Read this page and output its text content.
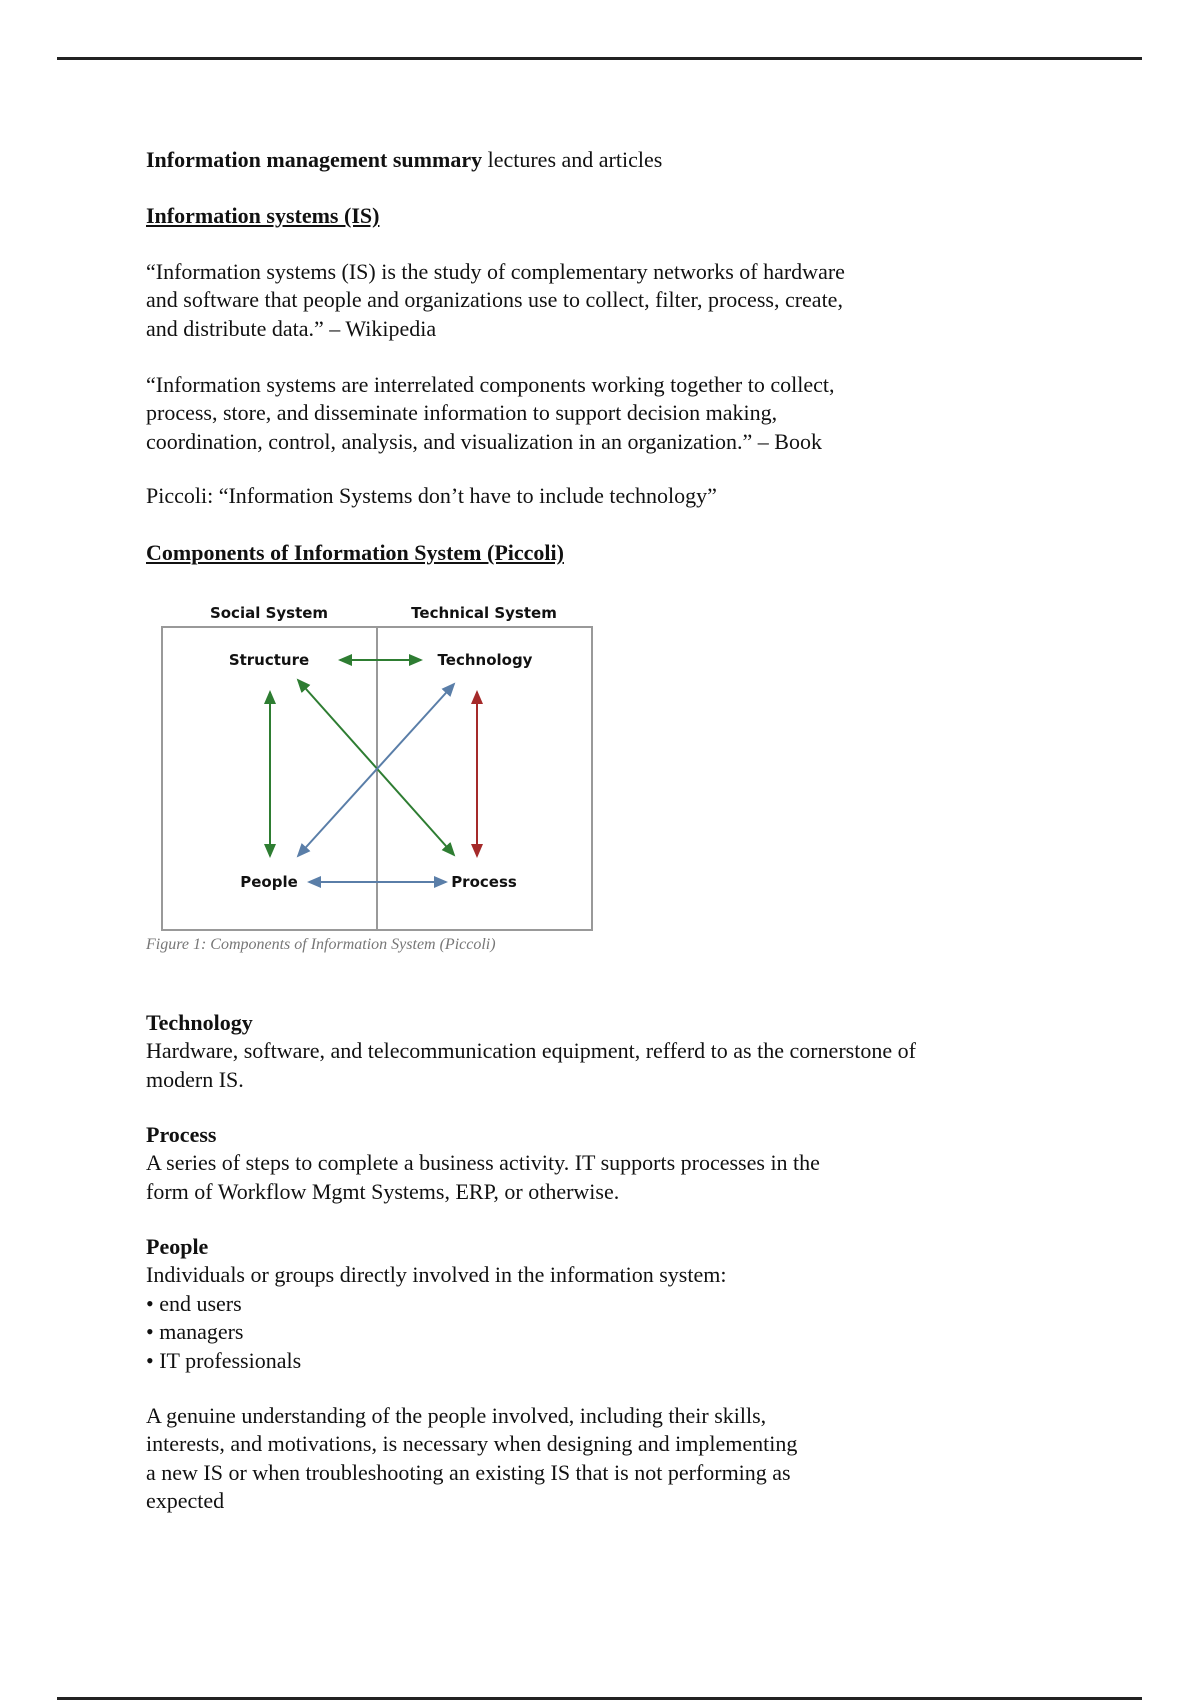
Information management summary lectures and articles
Information systems (IS)
“Information systems (IS) is the study of complementary networks of hardware
and software that people and organizations use to collect, filter, process, create,
and distribute data.” – Wikipedia
“Information systems are interrelated components working together to collect,
process, store, and disseminate information to support decision making,
coordination, control, analysis, and visualization in an organization.” – Book
Piccoli: “Information Systems don’t have to include technology”
Components of Information System (Piccoli)
Social System	Technical System
Structure	Technology
People	Process
Figure 1: Components of Information System (Piccoli)
Technology
Hardware, software, and telecommunication equipment, refferd to as the cornerstone of
modern IS.
Process
A series of steps to complete a business activity. IT supports processes in the
form of Workflow Mgmt Systems, ERP, or otherwise.
People
Individuals or groups directly involved in the information system:
• end users
• managers
• IT professionals
A genuine understanding of the people involved, including their skills,
interests, and motivations, is necessary when designing and implementing
a new IS or when troubleshooting an existing IS that is not performing as
expected
